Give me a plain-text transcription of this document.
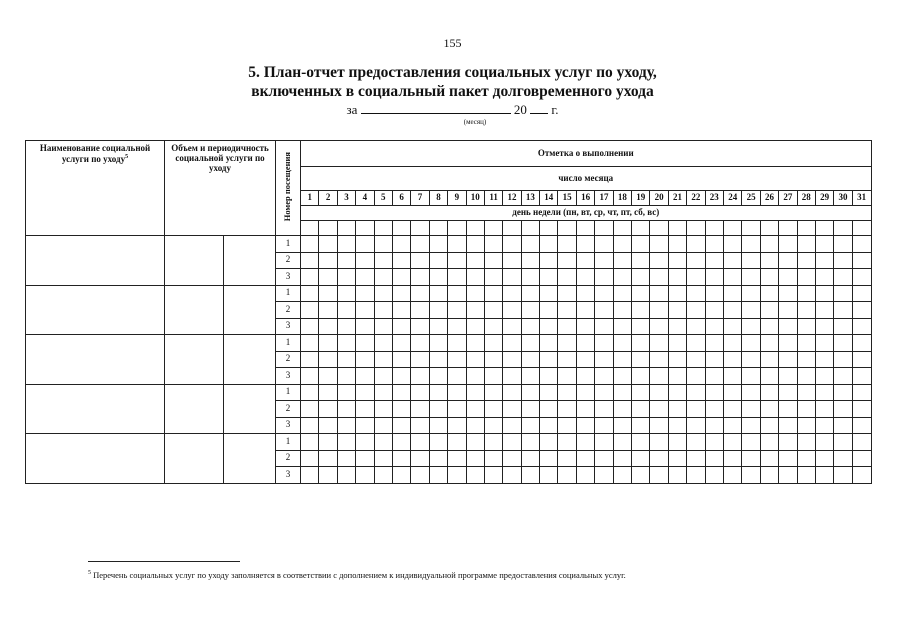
155
5. План-отчет предоставления социальных услуг по уходу,
включенных в социальный пакет долговременного ухода
за	20 г.
(месяц)
Наименование социальной услуги по уходу$^5$	Объем и периодичность социальной услуги по уходу		Номер посещения	Отметка о выполнении																														
				число месяца																														
				1	2	3	4	5	6	7	8	9	10	11	12	13	14	15	16	17	18	19	20	21	22	23	24	25	26	27	28	29	30	31
				день недели (пн, вт, ср, чт, пт, сб, вс)																														

			1																															
			2																															
			3																															
			1																															
			2																															
			3																															
			1																															
			2																															
			3																															
			1																															
			2																															
			3																															
			1																															
			2																															
			3																															
$^5$ Перечень социальных услуг по уходу заполняется в соответствии с дополнением к индивидуальной программе предоставления социальных услуг.
